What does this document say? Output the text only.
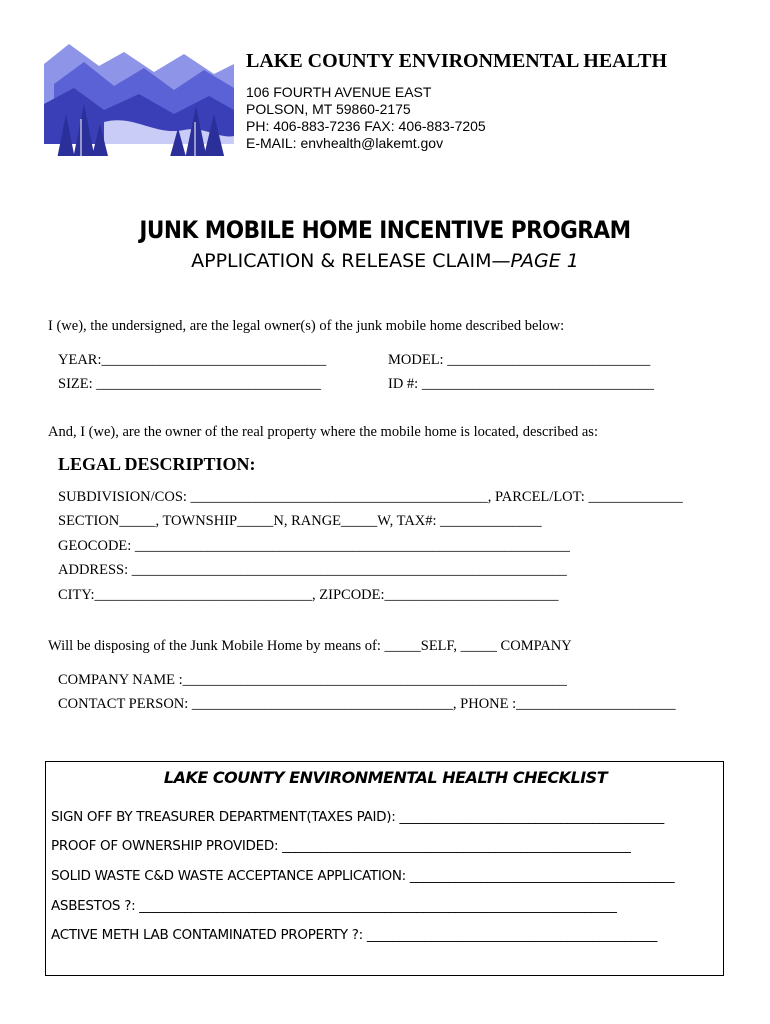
LAKE COUNTY ENVIRONMENTAL HEALTH
106 FOURTH AVENUE EAST
POLSON, MT 59860-2175
PH: 406-883-7236 FAX: 406-883-7205
E-MAIL: envhealth@lakemt.gov
JUNK MOBILE HOME INCENTIVE PROGRAM
APPLICATION & RELEASE CLAIM—PAGE 1
I (we), the undersigned, are the legal owner(s) of the junk mobile home described below:
YEAR:_______________________________	MODEL: ____________________________
SIZE: _______________________________	ID #: ________________________________
And, I (we), are the owner of the real property where the mobile home is located, described as:
LEGAL DESCRIPTION:
SUBDIVISION/COS: _________________________________________, PARCEL/LOT: _____________
SECTION_____, TOWNSHIP_____N, RANGE_____W, TAX#: ______________
GEOCODE: ____________________________________________________________
ADDRESS: ____________________________________________________________
CITY:______________________________, ZIPCODE:________________________
Will be disposing of the Junk Mobile Home by means of: _____SELF, _____ COMPANY
COMPANY NAME :_____________________________________________________
CONTACT PERSON: ____________________________________, PHONE :______________________
LAKE COUNTY ENVIRONMENTAL HEALTH CHECKLIST
SIGN OFF BY TREASURER DEPARTMENT(TAXES PAID): _________________________________________
PROOF OF OWNERSHIP PROVIDED: ______________________________________________________
SOLID WASTE C&D WASTE ACCEPTANCE APPLICATION: _________________________________________
ASBESTOS ?: __________________________________________________________________________
ACTIVE METH LAB CONTAMINATED PROPERTY ?: _____________________________________________
